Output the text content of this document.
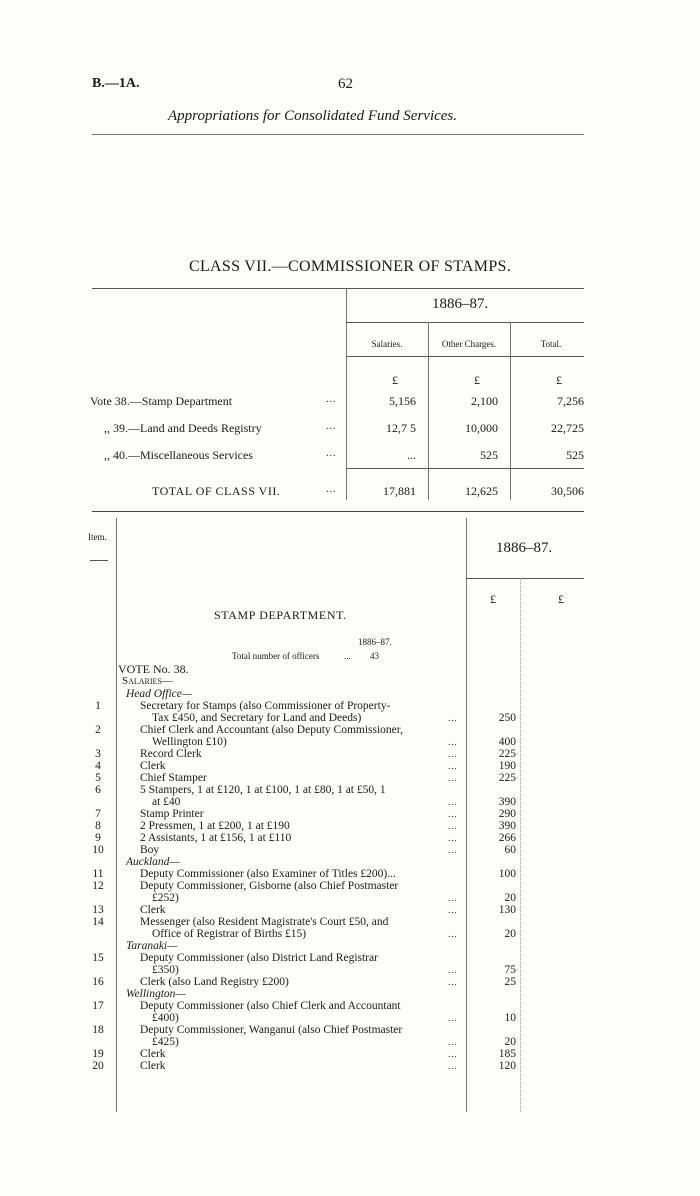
B.—1A.	62
Appropriations for Consolidated Fund Services.
CLASS VII.—COMMISSIONER OF STAMPS.
1886–87.
Salaries.	Other Charges.	Total.
£	£	£
Vote 38.—Stamp Department	...	5,156	2,100	7,256
,, 39.—Land and Deeds Registry	...	12,7 5	10,000	22,725
,, 40.—Miscellaneous Services	...	...	525	525
TOTAL OF CLASS VII.	...	17,881	12,625	30,506
Item.
1886–87.
£	£
STAMP DEPARTMENT.
1886–87.
Total number of officers	... 43
VOTE No. 38.
Salaries—
Head Office—
1	Secretary for Stamps (also Commissioner of Property-
Tax £450, and Secretary for Land and Deeds)	...	250
2	Chief Clerk and Accountant (also Deputy Commissioner,
Wellington £10)	...	400
3	Record Clerk	...	225
4	Clerk	...	190
5	Chief Stamper	...	225
6	5 Stampers, 1 at £120, 1 at £100, 1 at £80, 1 at £50, 1
at £40	...	390
7	Stamp Printer	...	290
8	2 Pressmen, 1 at £200, 1 at £190	...	390
9	2 Assistants, 1 at £156, 1 at £110	...	266
10	Boy	...	60
Auckland—
11	Deputy Commissioner (also Examiner of Titles £200)...	100
12	Deputy Commissioner, Gisborne (also Chief Postmaster
£252)	...	20
13	Clerk	...	130
14	Messenger (also Resident Magistrate's Court £50, and
Office of Registrar of Births £15)	...	20
Taranaki—
15	Deputy Commissioner (also District Land Registrar
£350)	...	75
16	Clerk (also Land Registry £200)	...	25
Wellington—
17	Deputy Commissioner (also Chief Clerk and Accountant
£400)	...	10
18	Deputy Commissioner, Wanganui (also Chief Postmaster
£425)	...	20
19	Clerk	...	185
20	Clerk	...	120
